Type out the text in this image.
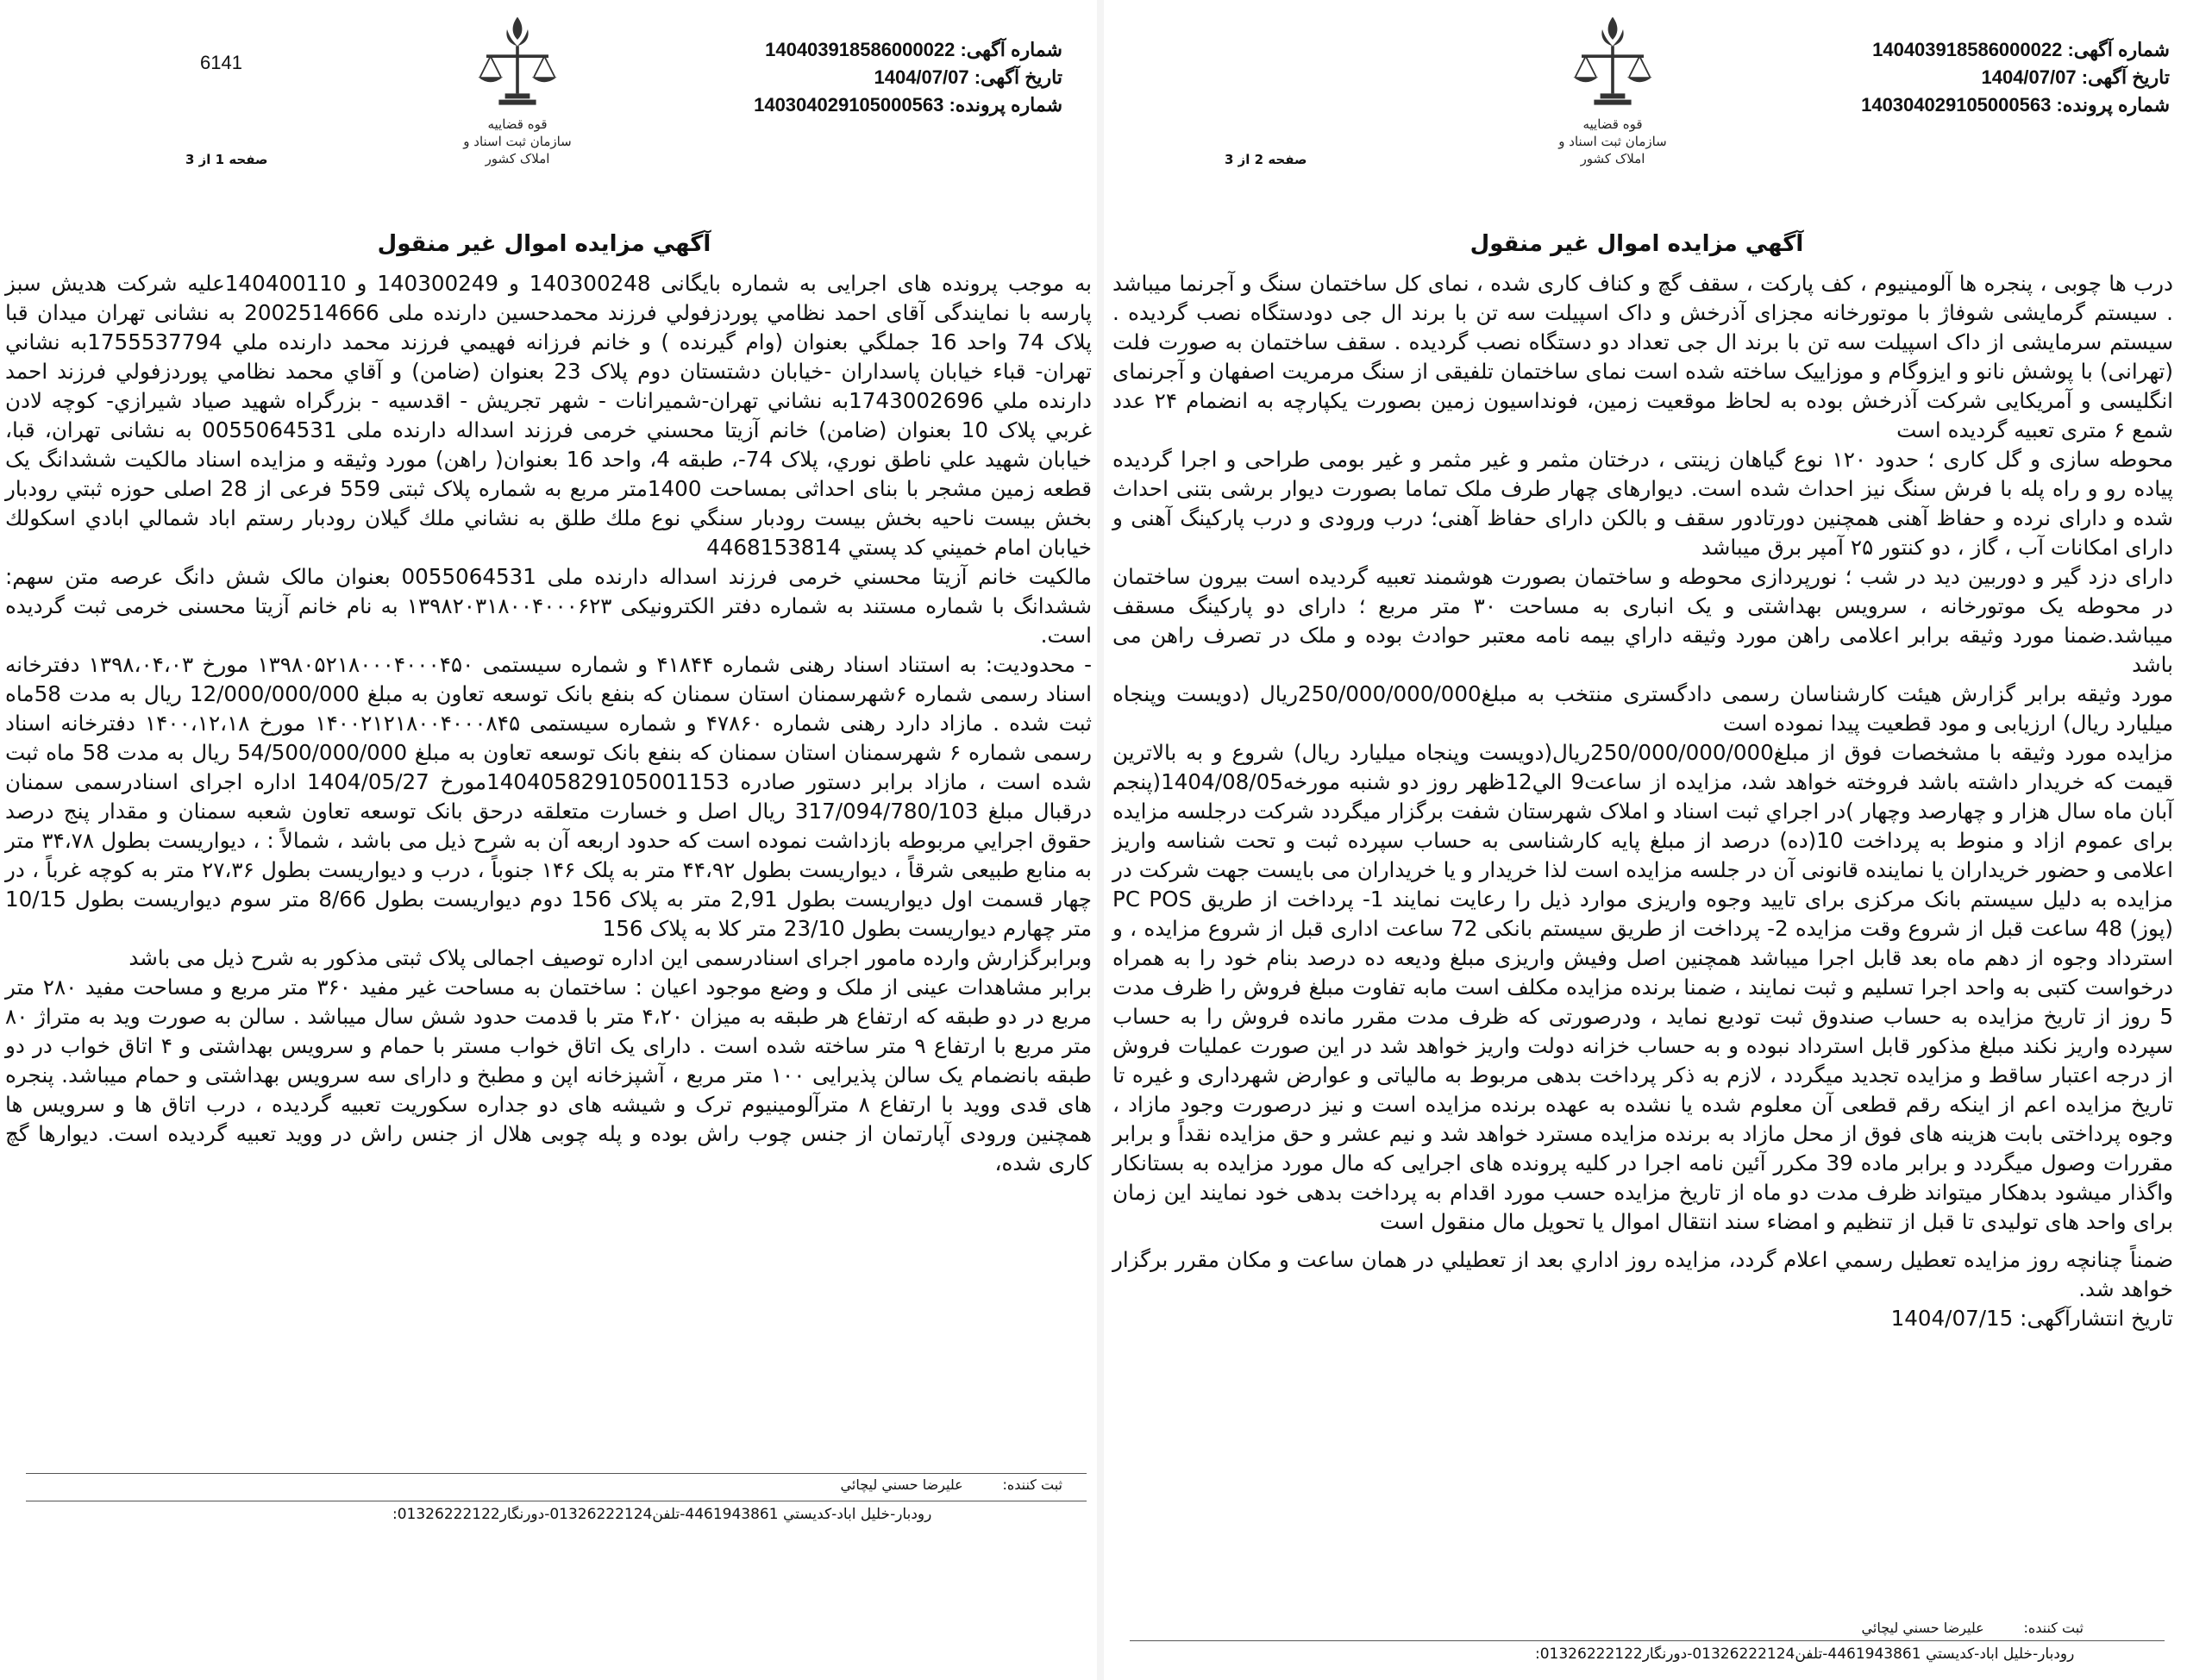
شماره آگهی: 140403918586000022
تاریخ آگهی: 1404/07/07
شماره پرونده: 140304029105000563
قوه قضاییه
سازمان ثبت اسناد و املاک کشور
صفحه 1 از 3
6141
آگهي مزايده اموال غير منقول

به موجب پرونده های اجرایی به شماره بایگانی 140300248 و 140300249 و 140400110علیه شرکت هدیش سبز پارسه با نمایندگی آقای احمد نظامي پوردزفولي فرزند محمدحسين دارنده ملی 2002514666 به نشانی تهران ميدان قبا پلاک 74 واحد 16 جملگي بعنوان (وام گيرنده ) و خانم فرزانه فهيمي فرزند محمد دارنده ملي 1755537794به نشاني تهران- قباء خيابان پاسداران -خيابان دشتستان دوم پلاک 23 بعنوان (ضامن) و آقاي محمد نظامي پوردزفولي فرزند احمد دارنده ملي 1743002696به نشاني تهران-شميرانات - شهر تجريش - اقدسيه - بزرگراه شهيد صياد شيرازي- كوچه لادن غربي پلاک 10 بعنوان (ضامن) خانم آزيتا محسني خرمی فرزند اسداله دارنده ملی 0055064531 به نشانی تهران، قبا، خیابان شهيد علي ناطق نوري، پلاک 74-، طبقه 4، واحد 16 بعنوان( راهن) مورد وثیقه و مزایده اسناد مالکیت ششدانگ یک قطعه زمین مشجر با بنای احداثی بمساحت 1400متر مربع به شماره پلاک ثبتی 559 فرعی از 28 اصلی حوزه ثبتي رودبار بخش بيست ناحيه بخش بيست رودبار سنگي نوع ملك طلق به نشاني ملك گيلان رودبار رستم اباد شمالي ابادي اسكولك خيابان امام خميني كد پستي 4468153814

مالکیت خانم آزيتا محسني خرمی فرزند اسداله دارنده ملی 0055064531 بعنوان مالک شش دانگ عرصه متن سهم: ششدانگ با شماره مستند به شماره دفتر الکترونیکی ۱۳۹۸۲۰۳۱۸۰۰۴۰۰۰۶۲۳ به نام خانم آزیتا محسنی خرمی ثبت گردیده است.

- محدودیت: به استناد اسناد رهنی شماره ۴۱۸۴۴ و شماره سیستمی ۱۳۹۸۰۵۲۱۸۰۰۰۴۰۰۰۴۵۰ مورخ ۱۳۹۸،۰۴،۰۳ دفترخانه اسناد رسمی شماره ۶شهرسمنان استان سمنان که بنفع بانک توسعه تعاون به مبلغ 12/000/000/000 ريال به مدت 58ماه ثبت شده . مازاد دارد رهنی شماره ۴۷۸۶۰ و شماره سیستمی ۱۴۰۰۲۱۲۱۸۰۰۴۰۰۰۸۴۵ مورخ ۱۴۰۰،۱۲،۱۸ دفترخانه اسناد رسمی شماره ۶ شهرسمنان استان سمنان که بنفع بانک توسعه تعاون به مبلغ 54/500/000/000 ريال به مدت 58 ماه ثبت شده است ، مازاد برابر دستور صادره 140405829105001153مورخ 1404/05/27 اداره اجرای اسنادرسمی سمنان درقبال مبلغ 317/094/780/103 ریال اصل و خسارت متعلقه درحق بانک توسعه تعاون شعبه سمنان و مقدار پنج درصد حقوق اجرايي مربوطه بازداشت نموده است كه حدود اربعه آن به شرح ذیل می باشد ، شمالاً : ، دیواریست بطول ۳۴،۷۸ متر به منابع طبیعی شرقاً ، دیواریست بطول ۴۴،۹۲ متر به پلک ۱۴۶ جنوباً ، درب و دیواریست بطول ۲۷،۳۶ متر به کوچه غرباً ، در چهار قسمت اول دیواریست بطول 2,91 متر به پلاک 156 دوم دیواریست بطول 8/66 متر سوم دیواریست بطول 10/15 متر چهارم دیواریست بطول 23/10 متر کلا به پلاک 156

وبرابرگزارش وارده مامور اجرای اسنادرسمی این اداره توصیف اجمالی پلاک ثبتی مذکور به شرح ذیل می باشد

برابر مشاهدات عینی از ملک و وضع موجود اعیان : ساختمان به مساحت غیر مفید ۳۶۰ متر مربع و مساحت مفید ۲۸۰ متر مربع در دو طبقه که ارتفاع هر طبقه به میزان ۴،۲۰ متر با قدمت حدود شش سال میباشد . سالن به صورت وید به متراژ ۸۰ متر مربع با ارتفاع ۹ متر ساخته شده است . دارای یک اتاق خواب مستر با حمام و سرویس بهداشتی و ۴ اتاق خواب در دو طبقه بانضمام یک سالن پذیرایی ۱۰۰ متر مربع ، آشپزخانه اپن و مطبخ و دارای سه سرویس بهداشتی و حمام میباشد. پنجره های قدی ووید با ارتفاع ۸ مترآلومینیوم ترک و شیشه های دو جداره سکوریت تعبیه گردیده ، درب اتاق ها و سرویس ها همچنین ورودی آپارتمان از جنس چوب راش بوده و پله چوبی هلال از جنس راش در ووید تعبیه گردیده است. دیوارها گچ کاری شده،

ثبت كننده:         عليرضا حسني ليچائي
رودبار-خليل اباد-کديستي 4461943861-تلفن01326222124-دورنگار01326222122:
شماره آگهی: 140403918586000022
تاریخ آگهی: 1404/07/07
شماره پرونده: 140304029105000563
قوه قضاییه
سازمان ثبت اسناد و املاک کشور
صفحه 2 از 3
آگهي مزايده اموال غير منقول

درب ها چوبی ، پنجره ها آلومینیوم ، کف پارکت ، سقف گچ و کناف کاری شده ، نمای کل ساختمان سنگ و آجرنما میباشد . سیستم گرمایشی شوفاژ با موتورخانه مجزای آذرخش و داک اسپیلت سه تن با برند ال جی دودستگاه نصب گردیده . سیستم سرمایشی از داک اسپیلت سه تن با برند ال جی تعداد دو دستگاه نصب گردیده . سقف ساختمان به صورت فلت (تهرانی) با پوشش نانو و ایزوگام و موزاییک ساخته شده است نمای ساختمان تلفیقی از سنگ مرمریت اصفهان و آجرنمای انگلیسی و آمریکایی شرکت آذرخش بوده به لحاظ موقعیت زمین، فونداسیون زمین بصورت یکپارچه به انضمام ۲۴ عدد شمع ۶ متری تعبیه گردیده است

محوطه سازی و گل کاری ؛ حدود ۱۲۰ نوع گیاهان زینتی ، درختان مثمر و غیر مثمر و غیر بومی طراحی و اجرا گردیده پیاده رو و راه پله با فرش سنگ نیز احداث شده است. دیوارهای چهار طرف ملک تماما بصورت دیوار برشی بتنی احداث شده و دارای نرده و حفاظ آهنی همچنین دورتادور سقف و بالکن دارای حفاظ آهنی؛ درب ورودی و درب پارکینگ آهنی و دارای امکانات آب ، گاز ، دو کنتور ۲۵ آمپر برق میباشد

دارای دزد گیر و دوربین دید در شب ؛ نورپردازی محوطه و ساختمان بصورت هوشمند تعبیه گردیده است بیرون ساختمان در محوطه یک موتورخانه ، سرویس بهداشتی و یک انباری به مساحت ۳۰ متر مربع ؛ دارای دو پارکینگ مسقف میباشد.ضمنا مورد وثيقه برابر اعلامی راهن مورد وثيقه داراي بيمه نامه معتبر حوادث بوده و ملک در تصرف راهن می باشد

مورد وثیقه برابر گزارش هیئت کارشناسان رسمی دادگستری منتخب به مبلغ250/000/000/000ريال (دویست وپنجاه میلیارد ریال) ارزیابی و مود قطعیت پیدا نموده است

مزايده مورد وثيقه با مشخصات فوق از مبلغ250/000/000/000ريال(دویست وپنجاه میلیارد ریال) شروع و به بالاترين قيمت كه خريدار داشته باشد فروخته خواهد شد، مزايده از ساعت9 الي12ظهر روز دو شنبه مورخه1404/08/05(پنجم آبان ماه سال هزار و چهارصد وچهار )در اجراي ثبت اسناد و املاک شهرستان شفت برگزار میگردد شرکت درجلسه مزايده برای عموم ازاد و منوط به پرداخت 10(ده) درصد از مبلغ پايه کارشناسی به حساب سپرده ثبت و تحت شناسه واريز اعلامی و حضور خريداران يا نماينده قانونی آن در جلسه مزايده است لذا خريدار و يا خريداران می بایست جهت شرکت در مزایده به دلیل سیستم بانک مرکزی برای تایید وجوه واریزی موارد ذیل را رعایت نمایند 1- پرداخت از طریق PC POS (پوز) 48 ساعت قبل از شروع وقت مزایده 2- پرداخت از طریق سیستم بانکی 72 ساعت اداری قبل از شروع مزایده ، و استرداد وجوه از دهم ماه بعد قابل اجرا میباشد همچنین اصل وفیش واریزی مبلغ ودیعه ده درصد بنام خود را به همراه درخواست کتبی به واحد اجرا تسلیم و ثبت نمایند ، ضمنا برنده مزايده مكلف است مابه تفاوت مبلغ فروش را ظرف مدت 5 روز از تاریخ مزایده به حساب صندوق ثبت تودیع نماید ، ودرصورتی که ظرف مدت مقرر مانده فروش را به حساب سپرده واریز نکند مبلغ مذکور قابل استرداد نبوده و به حساب خزانه دولت واریز خواهد شد در این صورت عملیات فروش از درجه اعتبار ساقط و مزایده تجدید میگردد ، لازم به ذکر پرداخت بدهی مربوط به مالیاتی و عوارض شهرداری و غیره تا تاریخ مزایده اعم از اینکه رقم قطعی آن معلوم شده یا نشده به عهده برنده مزایده است و نیز درصورت وجود مازاد ، وجوه پرداختی بابت هزینه های فوق از محل مازاد به برنده مزایده مسترد خواهد شد و نیم عشر و حق مزایده نقداً و برابر مقررات وصول میگردد و برابر ماده 39 مکرر آئین نامه اجرا در کلیه پرونده های اجرایی که مال مورد مزایده به بستانکار واگذار میشود بدهکار میتواند ظرف مدت دو ماه از تاریخ مزایده حسب مورد اقدام به پرداخت بدهی خود نمایند این زمان برای واحد های تولیدی تا قبل از تنظیم و امضاء سند انتقال اموال یا تحویل مال منقول است

ضمناً چنانچه روز مزايده تعطيل رسمي اعلام گردد، مزايده روز اداري بعد از تعطيلي در همان ساعت و مکان مقرر برگزار خواهد شد.

تاریخ انتشارآگهی: 1404/07/15

ثبت كننده:         عليرضا حسني ليچائي
رودبار-خليل اباد-کديستي 4461943861-تلفن01326222124-دورنگار01326222122:
